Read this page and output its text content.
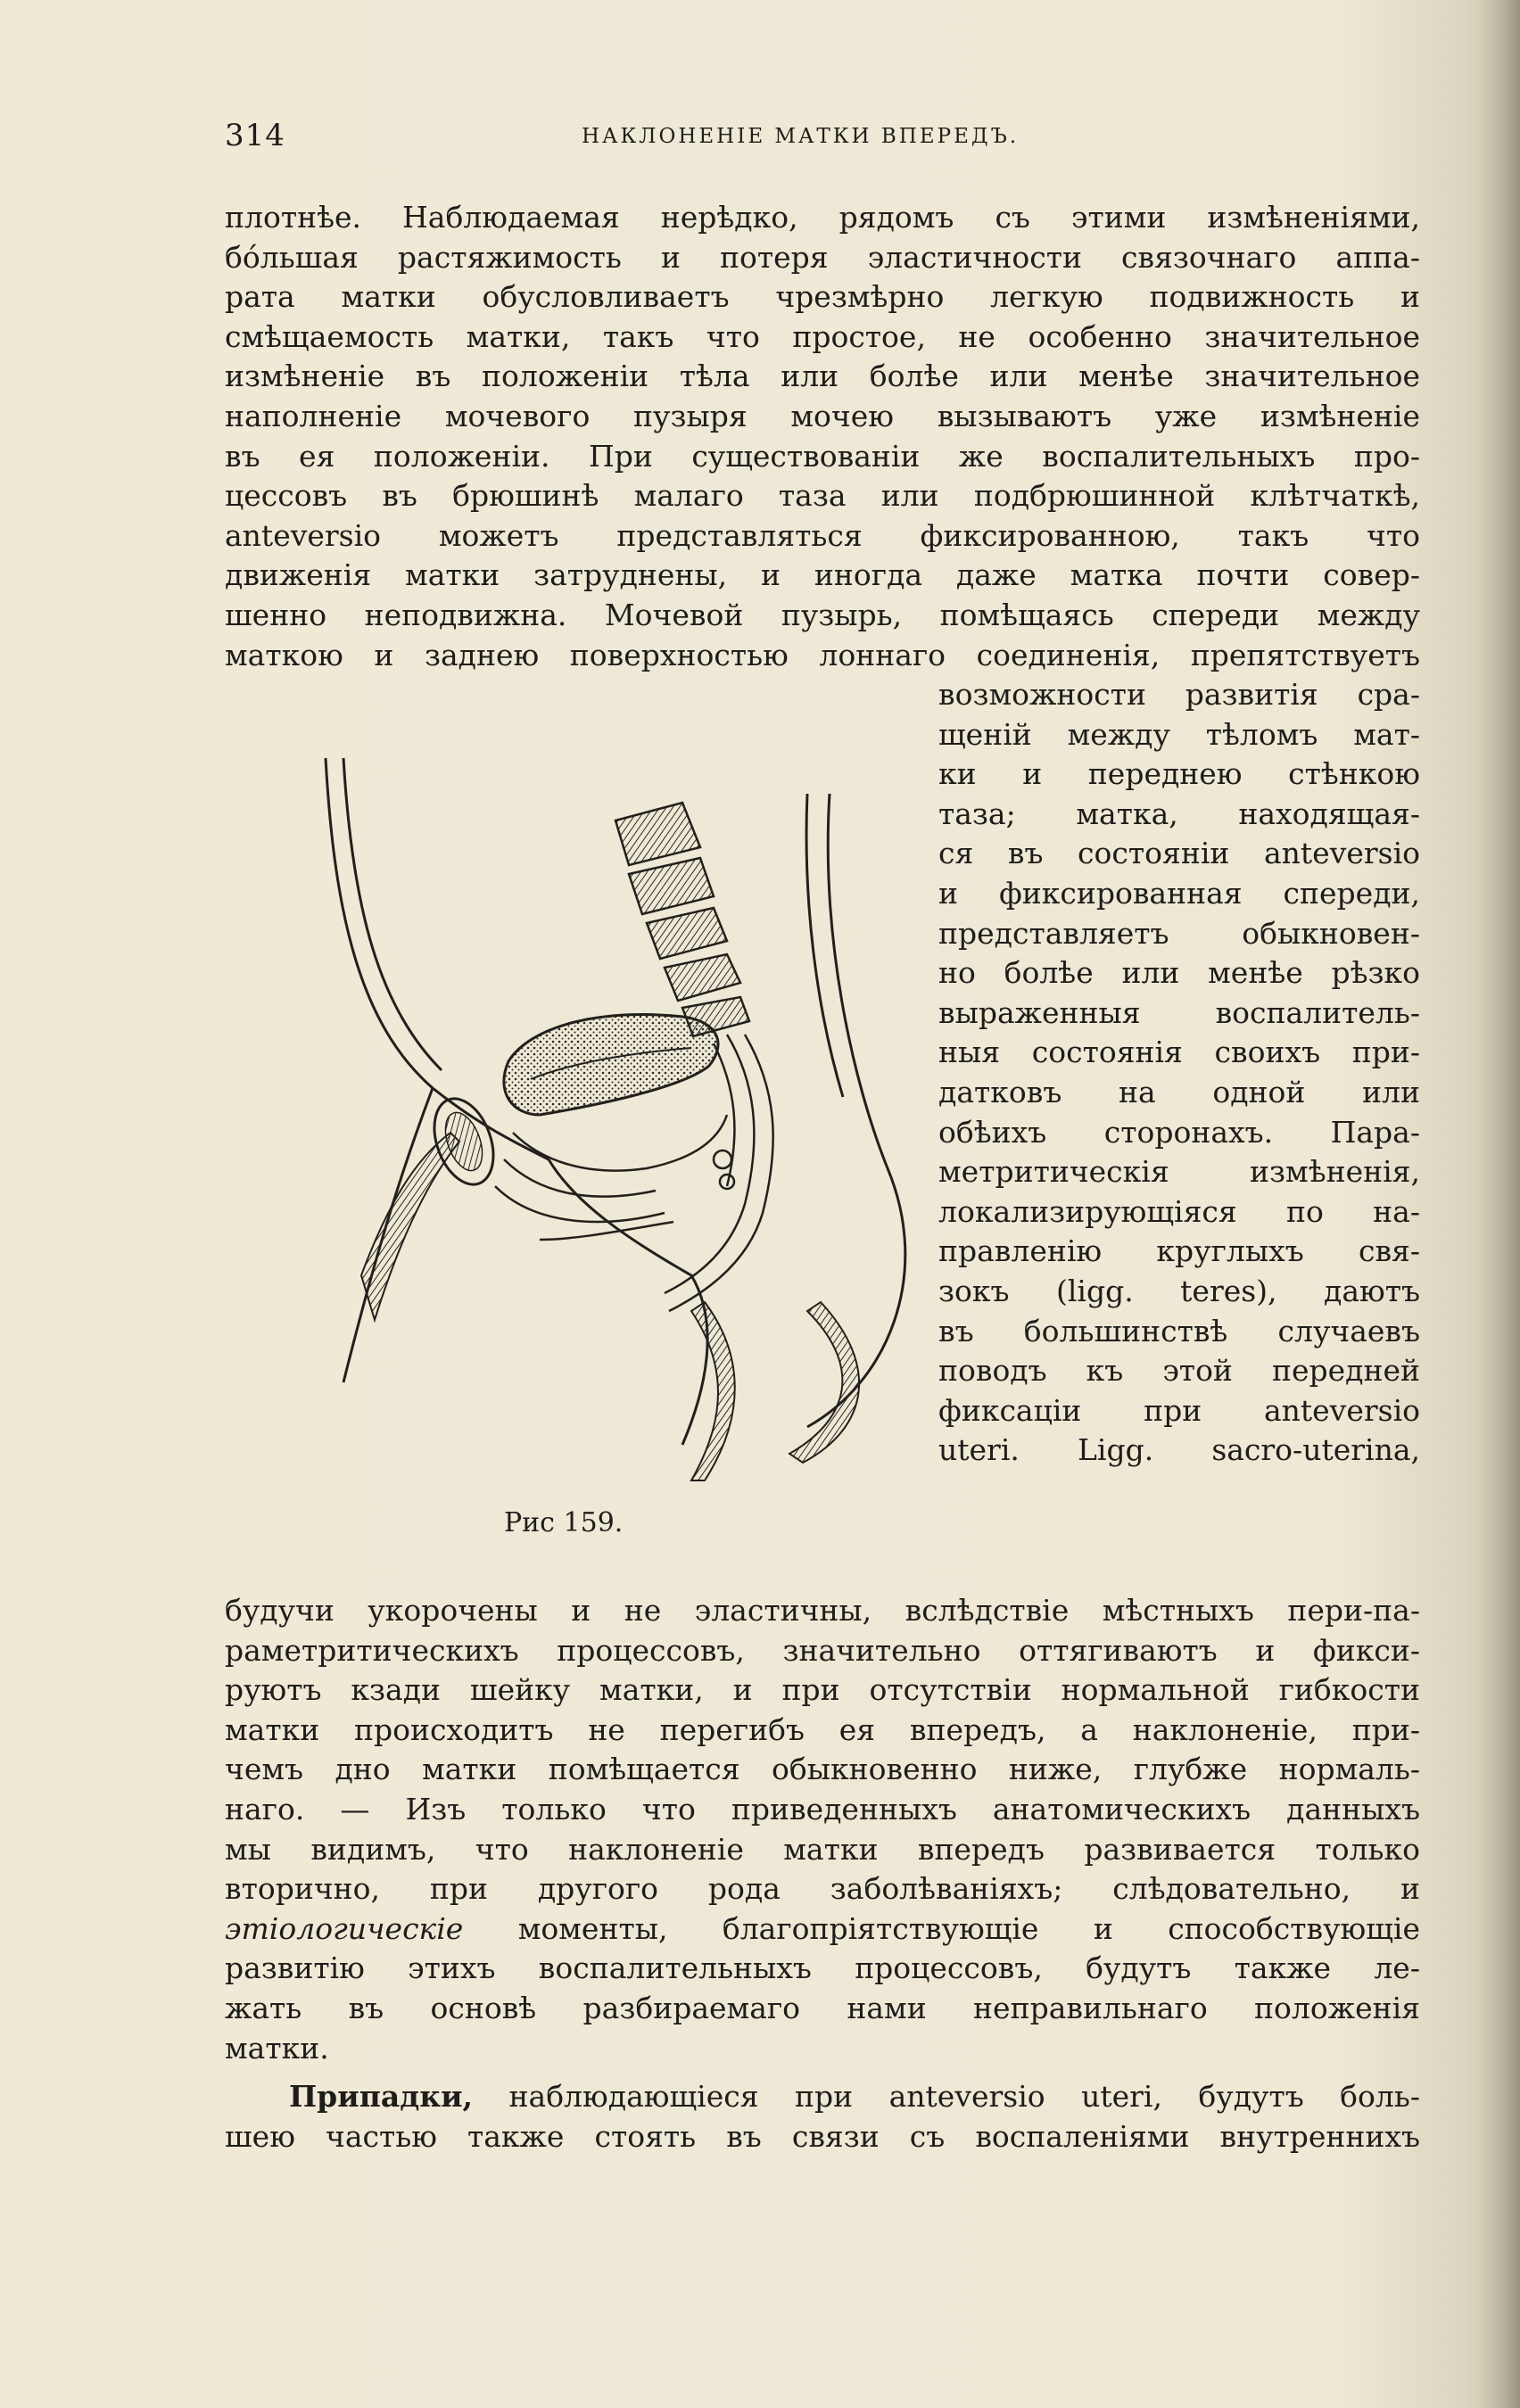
314	НАКЛОНЕНІЕ МАТКИ ВПЕРЕДЪ.
плотнѣе. Наблюдаемая нерѣдко, рядомъ съ этими измѣненіями,
бóльшая растяжимость и потеря эластичности связочнаго аппа-
рата матки обусловливаетъ чрезмѣрно легкую подвижность и
смѣщаемость матки, такъ что простое, не особенно значительное
измѣненіе въ положеніи тѣла или болѣе или менѣе значительное
наполненіе мочевого пузыря мочею вызываютъ уже измѣненіе
въ ея положеніи. При существованіи же воспалительныхъ про-
цессовъ въ брюшинѣ малаго таза или подбрюшинной клѣтчаткѣ,
anteversio можетъ представляться фиксированною, такъ что
движенія матки затруднены, и иногда даже матка почти совер-
шенно неподвижна. Мочевой пузырь, помѣщаясь спереди между
маткою и заднею поверхностью лоннаго соединенія, препятствуетъ
возможности развитія сра-
щеній между тѣломъ мат-
ки и переднею стѣнкою
таза; матка, находящая-
ся въ состояніи anteversio
и фиксированная спереди,
представляетъ обыкновен-
но болѣе или менѣе рѣзко
выраженныя воспалитель-
ныя состоянія своихъ при-
датковъ на одной или
обѣихъ сторонахъ. Пара-
метритическія измѣненія,
локализирующіяся по на-
правленію круглыхъ свя-
зокъ (ligg. teres), даютъ
въ большинствѣ случаевъ
поводъ къ этой передней
фиксаціи при anteversio
uteri. Ligg. sacro-uterina,
Рис 159.
будучи укорочены и не эластичны, вслѣдствіе мѣстныхъ пери-па-
раметритическихъ процессовъ, значительно оттягиваютъ и фикси-
руютъ кзади шейку матки, и при отсутствіи нормальной гибкости
матки происходитъ не перегибъ ея впередъ, а наклоненіе, при-
чемъ дно матки помѣщается обыкновенно ниже, глубже нормаль-
наго. — Изъ только что приведенныхъ анатомическихъ данныхъ
мы видимъ, что наклоненіе матки впередъ развивается только
вторично, при другого рода заболѣваніяхъ; слѣдовательно, и
этіологическіе моменты, благопріятствующіе и способствующіе
развитію этихъ воспалительныхъ процессовъ, будутъ также ле-
жать въ основѣ разбираемаго нами неправильнаго положенія
матки.
Припадки, наблюдающіеся при anteversio uteri, будутъ боль-
шею частью также стоять въ связи съ воспаленіями внутреннихъ
